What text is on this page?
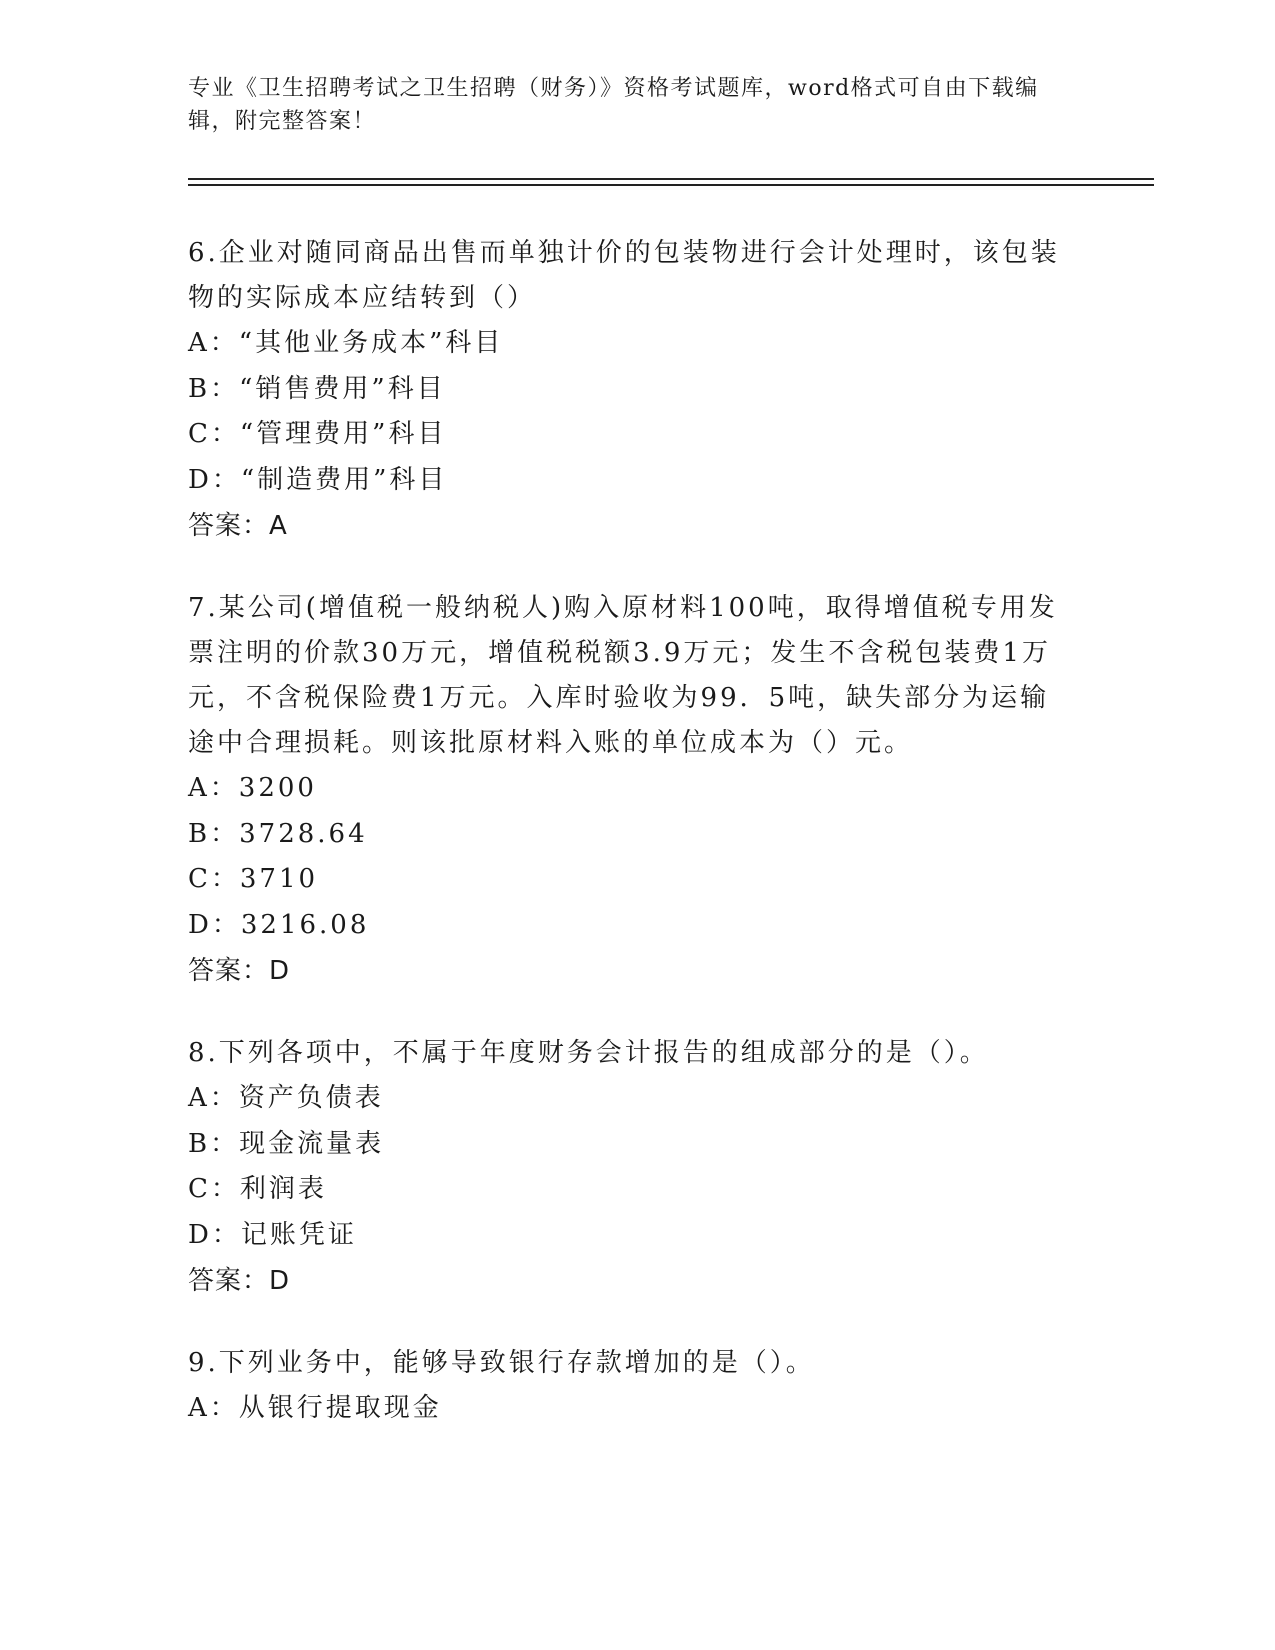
专业《卫生招聘考试之卫生招聘（财务）》资格考试题库，word格式可自由下载编辑，附完整答案！

6.企业对随同商品出售而单独计价的包装物进行会计处理时，该包装物的实际成本应结转到（）

A：“其他业务成本”科目

B：“销售费用”科目

C：“管理费用”科目

D：“制造费用”科目

答案：A

7.某公司(增值税一般纳税人)购入原材料100吨，取得增值税专用发票注明的价款30万元，增值税税额3.9万元；发生不含税包装费1万元，不含税保险费1万元。入库时验收为99．5吨，缺失部分为运输途中合理损耗。则该批原材料入账的单位成本为（）元。

A：3200

B：3728.64

C：3710

D：3216.08

答案：D

8.下列各项中，不属于年度财务会计报告的组成部分的是（）。

A：资产负债表

B：现金流量表

C：利润表

D：记账凭证

答案：D

9.下列业务中，能够导致银行存款增加的是（）。

A：从银行提取现金
